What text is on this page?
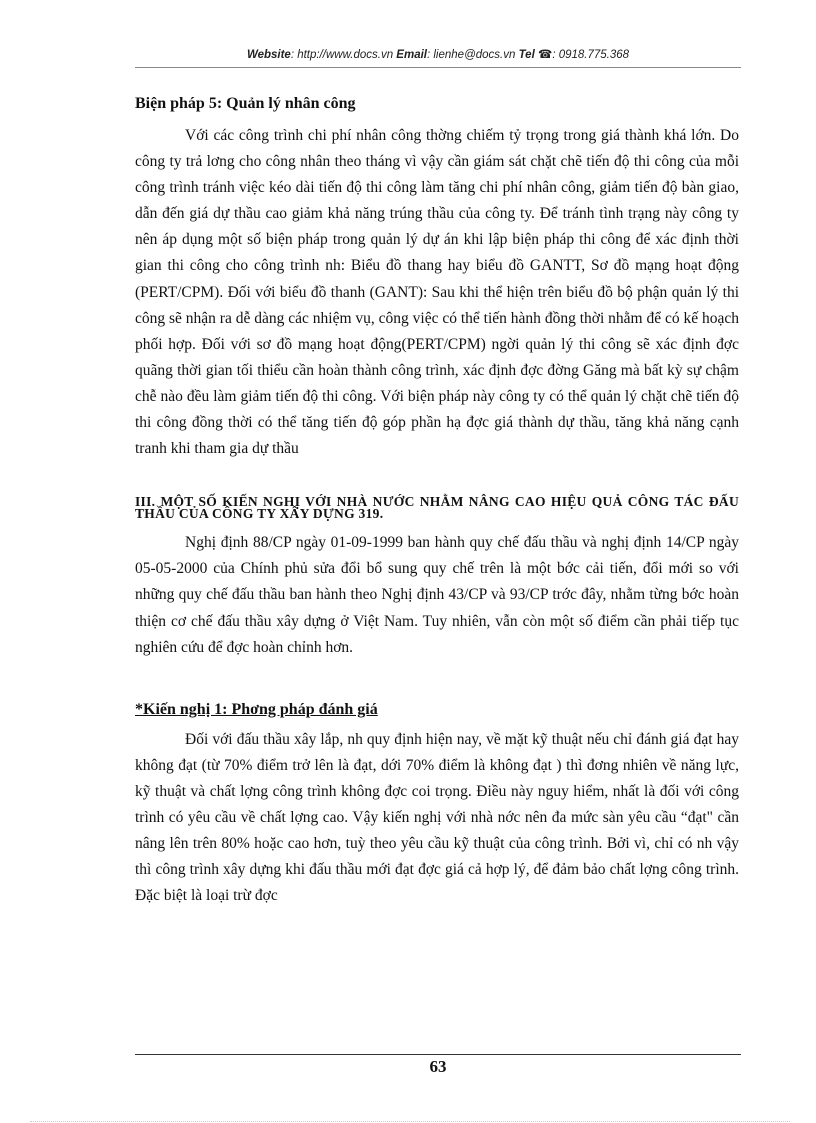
Website: http://www.docs.vn Email: lienhe@docs.vn Tel ☎: 0918.775.368

Biện pháp 5: Quản lý nhân công

Với các công trình chi phí nhân công thờng chiếm tỷ trọng trong giá thành khá lớn. Do công ty trả lơng cho công nhân theo tháng vì vậy cần giám sát chặt chẽ tiến độ thi công của mỗi công trình tránh việc kéo dài tiến độ thi công làm tăng chi phí nhân công, giảm tiến độ bàn giao, dẫn đến giá dự thầu cao giảm khả năng trúng thầu của công ty. Để tránh tình trạng này công ty nên áp dụng một số biện pháp trong quản lý dự án khi lập biện pháp thi công để xác định thời gian thi công cho công trình nh: Biểu đồ thang hay biểu đồ GANTT, Sơ đồ mạng hoạt động (PERT/CPM). Đối với biểu đồ thanh (GANT): Sau khi thể hiện trên biểu đồ bộ phận quản lý thi công sẽ nhận ra dễ dàng các nhiệm vụ, công việc có thể tiến hành đồng thời nhằm để có kế hoạch phối hợp. Đối với sơ đồ mạng hoạt động(PERT/CPM) ngời quản lý thi công sẽ xác định đợc quãng thời gian tối thiểu cần hoàn thành công trình, xác định đợc đờng Găng mà bất kỳ sự chậm chễ nào đều làm giảm tiến độ thi công. Với biện pháp này công ty có thể quản lý chặt chẽ tiến độ thi công đồng thời có thể tăng tiến độ góp phần hạ đợc giá thành dự thầu, tăng khả năng cạnh tranh khi tham gia dự thầu

III. MỘT SỐ KIẾN NGHỊ VỚI NHÀ NƯỚC NHẰM NÂNG CAO HIỆU QUẢ CÔNG TÁC ĐẤU THẦU CỦA CÔNG TY XÂY DỰNG 319.

Nghị định 88/CP ngày 01-09-1999 ban hành quy chế đấu thầu và nghị định 14/CP ngày 05-05-2000 của Chính phủ sửa đổi bổ sung quy chế trên là một bớc cải tiến, đổi mới so với những quy chế đấu thầu ban hành theo Nghị định 43/CP và 93/CP trớc đây, nhằm từng bớc hoàn thiện cơ chế đấu thầu xây dựng ở Việt Nam. Tuy nhiên, vẫn còn một số điểm cần phải tiếp tục nghiên cứu để đợc hoàn chỉnh hơn.

*Kiến nghị 1: Phơng pháp đánh giá

Đối với đấu thầu xây lắp, nh quy định hiện nay, về mặt kỹ thuật nếu chỉ đánh giá đạt hay không đạt (từ 70% điểm trở lên là đạt, dới 70% điểm là không đạt ) thì đơng nhiên về năng lực, kỹ thuật và chất lợng công trình không đợc coi trọng. Điều này nguy hiểm, nhất là đối với công trình có yêu cầu về chất lợng cao. Vậy kiến nghị với nhà nớc nên đa mức sàn yêu cầu “đạt" cần nâng lên trên 80% hoặc cao hơn, tuỳ theo yêu cầu kỹ thuật của công trình. Bởi vì, chỉ có nh vậy thì công trình xây dựng khi đấu thầu mới đạt đợc giá cả hợp lý, để đảm bảo chất lợng công trình. Đặc biệt là loại trừ đợc

63
